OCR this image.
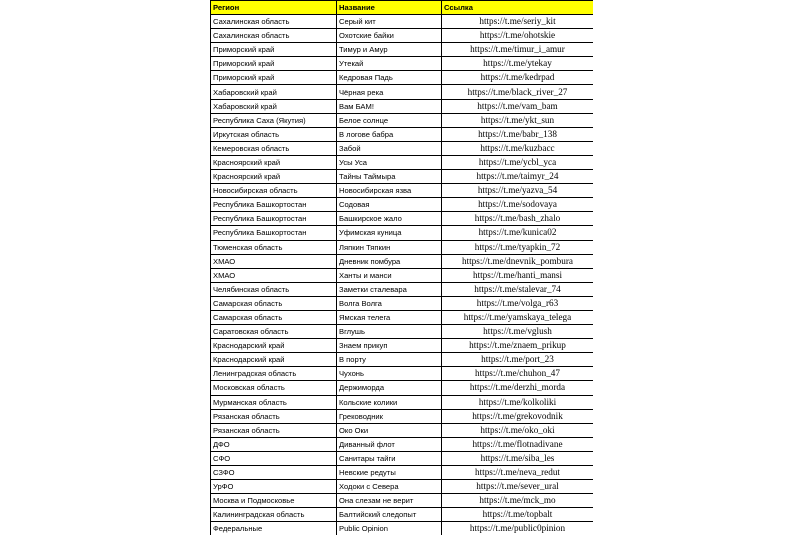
Регион	Название	Ссылка
Сахалинская область	Серый кит	https://t.me/seriy_kit
Сахалинская область	Охотские байки	https://t.me/ohotskie
Приморский край	Тимур и Амур	https://t.me/timur_i_amur
Приморский край	Утекай	https://t.me/ytekay
Приморский край	Кедровая Падь	https://t.me/kedrpad
Хабаровский край	Чёрная река	https://t.me/black_river_27
Хабаровский край	Вам БАМ!	https://t.me/vam_bam
Республика Саха (Якутия)	Белое солнце	https://t.me/ykt_sun
Иркутская область	В логове бабра	https://t.me/babr_138
Кемеровская область	Забой	https://t.me/kuzbacc
Красноярский край	Усы Уса	https://t.me/ycbl_yca
Красноярский край	Тайны Таймыра	https://t.me/taimyr_24
Новосибирская область	Новосибирская язва	https://t.me/yazva_54
Республика Башкортостан	Содовая	https://t.me/sodovaya
Республика Башкортостан	Башкирское жало	https://t.me/bash_zhalo
Республика Башкортостан	Уфимская куница	https://t.me/kunica02
Тюменская область	Ляпкин Тяпкин	https://t.me/tyapkin_72
ХМАО	Дневник помбура	https://t.me/dnevnik_pombura
ХМАО	Ханты и манси	https://t.me/hanti_mansi
Челябинская область	Заметки сталевара	https://t.me/stalevar_74
Самарская область	Волга Волга	https://t.me/volga_r63
Самарская область	Ямская телега	https://t.me/yamskaya_telega
Саратовская область	Вглушь	https://t.me/vglush
Краснодарский край	Знаем прикуп	https://t.me/znaem_prikup
Краснодарский край	В порту	https://t.me/port_23
Ленинградская область	Чухонь	https://t.me/chuhon_47
Московская область	Держиморда	https://t.me/derzhi_morda
Мурманская область	Кольские колики	https://t.me/kolkoliki
Рязанская область	Греководник	https://t.me/grekovodnik
Рязанская область	Око Оки	https://t.me/oko_oki
ДФО	Диванный флот	https://t.me/flotnadivane
СФО	Санитары тайги	https://t.me/siba_les
СЗФО	Невские редуты	https://t.me/neva_redut
УрФО	Ходоки с Севера	https://t.me/sever_ural
Москва и Подмосковье	Она слезам не верит	https://t.me/mck_mo
Калининградская область	Балтийский следопыт	https://t.me/topbalt
Федеральные	Public Opinion	https://t.me/public0pinion
